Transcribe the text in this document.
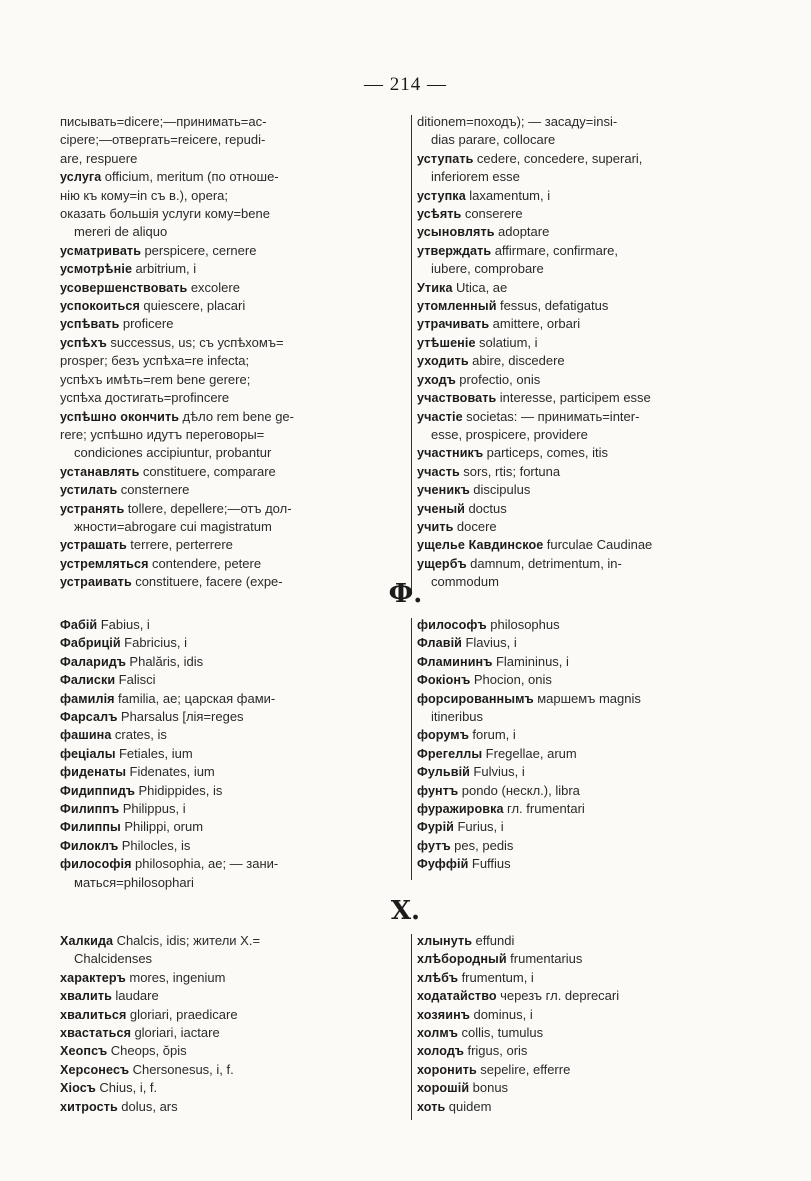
— 214 —
писывать=dicere;—принимать=ac-
cipere;—отвергать=reicere, repudi-
are, respuere
услуга officium, meritum (по отноше-
нію къ кому=in съ в.), opera;
оказать большія услуги кому=bene
mereri de aliquo
усматривать perspicere, cernere
усмотрѣніе arbitrium, i
усовершенствовать excolere
успокоиться quiescere, placari
успѣвать proficere
успѣхъ successus, us; съ успѣхомъ=
prosper; безъ успѣха=re infecta;
успѣхъ имѣть=rem bene gerere;
успѣха достигать=profincere
успѣшно окончить дѣло rem bene ge-
rere; успѣшно идутъ переговоры=
condiciones accipiuntur, probantur
устанавлять constituere, comparare
устилать consternere
устранять tollere, depellere;—отъ дол-
жности=abrogare cui magistratum
устрашать terrere, perterrere
устремляться contendere, petere
устраивать constituere, facere (expe-
ditionem=походъ); — засаду=insi-
dias parare, collocare
уступать cedere, concedere, superari,
inferiorem esse
уступка laxamentum, i
усѣять conserere
усыновлять adoptare
утверждать affirmare, confirmare,
iubere, comprobare
Утика Utica, ae
утомленный fessus, defatigatus
утрачивать amittere, orbari
утѣшеніе solatium, i
уходить abire, discedere
уходъ profectio, onis
участвовать interesse, participem esse
участіе societas: — принимать=inter-
esse, prospicere, providere
участникъ particeps, comes, itis
участь sors, rtis; fortuna
ученикъ discipulus
ученый doctus
учить docere
ущелье Кавдинское furculae Caudinae
ущербъ damnum, detrimentum, in-
commodum
Ф.
Фабій Fabius, i
Фабрицій Fabricius, i
Фаларидъ Phalăris, idis
Фалиски Falisci
фамилія familia, ae; царская фами-
Фарсалъ Pharsalus [лія=reges
фашина crates, is
феціалы Fetiales, ium
фиденаты Fidenates, ium
Фидиппидъ Phidippides, is
Филиппъ Philippus, i
Филиппы Philippi, orum
Филоклъ Philocles, is
философія philosophia, ae; — зани-
маться=philosophari
философъ philosophus
Флавій Flavius, i
Фламининъ Flamininus, i
Фокіонъ Phocion, onis
форсированнымъ маршемъ magnis
itineribus
форумъ forum, i
Фрегеллы Fregellae, arum
Фульвій Fulvius, i
фунтъ pondo (нескл.), libra
фуражировка гл. frumentari
Фурій Furius, i
футъ pes, pedis
Фуффій Fuffius
Х.
Халкида Chalcis, idis; жители Х.=
Chalcidenses
характеръ mores, ingenium
хвалить laudare
хвалиться gloriari, praedicare
хвастаться gloriari, iactare
Хеопсъ Cheops, ŏpis
Херсонесъ Chersonesus, i, f.
Хіосъ Chius, i, f.
хитрость dolus, ars
хлынуть effundi
хлѣбородный frumentarius
хлѣбъ frumentum, i
ходатайство черезъ гл. deprecari
хозяинъ dominus, i
холмъ collis, tumulus
холодъ frigus, oris
хоронить sepelire, efferre
хорошій bonus
хоть quidem
